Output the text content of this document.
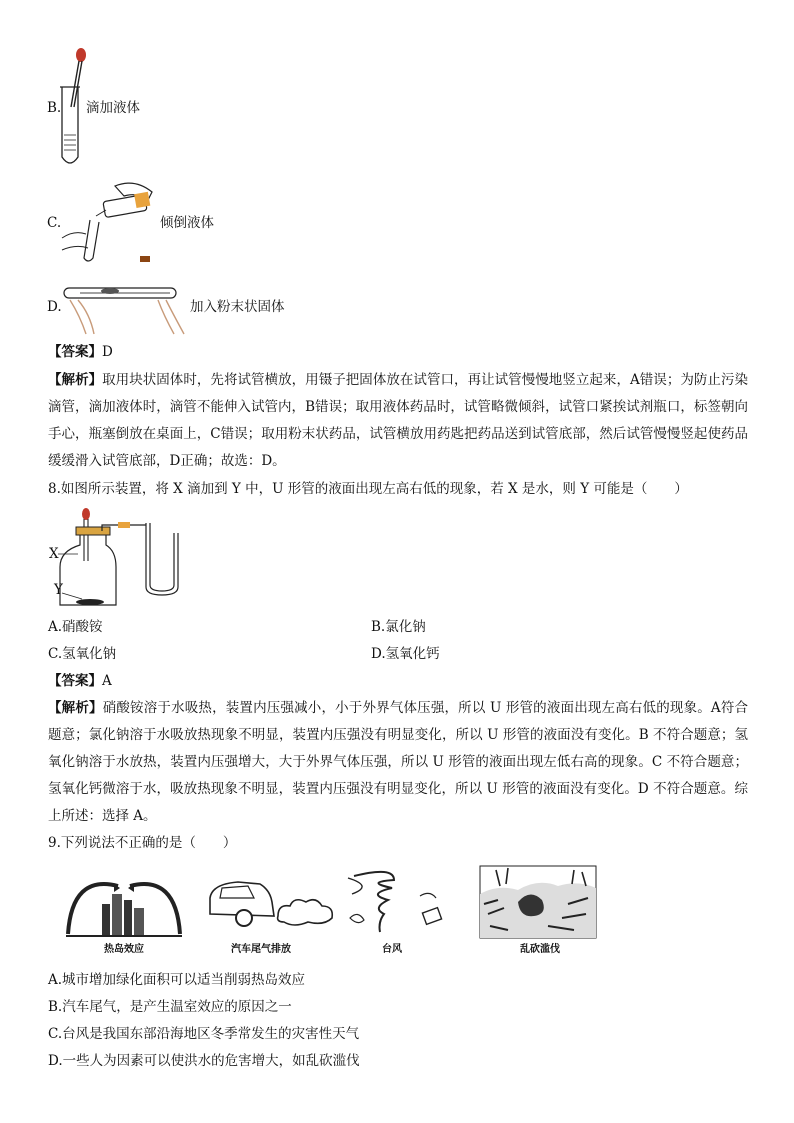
B. 滴加液体
C.	倾倒液体
D.	加入粉末状固体
【答案】D
【解析】取用块状固体时，先将试管横放，用镊子把固体放在试管口，再让试管慢慢地竖立起来，A错误；为防止污染滴管，滴加液体时，滴管不能伸入试管内，B错误；取用液体药品时，试管略微倾斜，试管口紧挨试剂瓶口，标签朝向手心，瓶塞倒放在桌面上，C错误；取用粉末状药品，试管横放用药匙把药品送到试管底部，然后试管慢慢竖起使药品缓缓滑入试管底部，D正确；故选：D。
8.如图所示装置，将 X 滴加到 Y 中，U 形管的液面出现左高右低的现象，若 X 是水，则 Y 可能是（　　）
X
Y
A.硝酸铵	B.氯化钠
C.氢氧化钠	D.氢氧化钙
【答案】A
【解析】硝酸铵溶于水吸热，装置内压强减小，小于外界气体压强，所以 U 形管的液面出现左高右低的现象。A符合题意；氯化钠溶于水吸放热现象不明显，装置内压强没有明显变化，所以 U 形管的液面没有变化。B 不符合题意；氢氧化钠溶于水放热，装置内压强增大，大于外界气体压强，所以 U 形管的液面出现左低右高的现象。C 不符合题意；氢氧化钙微溶于水，吸放热现象不明显，装置内压强没有明显变化，所以 U 形管的液面没有变化。D 不符合题意。综上所述：选择 A。
9.下列说法不正确的是（　　）
热岛效应	汽车尾气排放	台风	乱砍滥伐
A.城市增加绿化面积可以适当削弱热岛效应
B.汽车尾气，是产生温室效应的原因之一
C.台风是我国东部沿海地区冬季常发生的灾害性天气
D.一些人为因素可以使洪水的危害增大，如乱砍滥伐
